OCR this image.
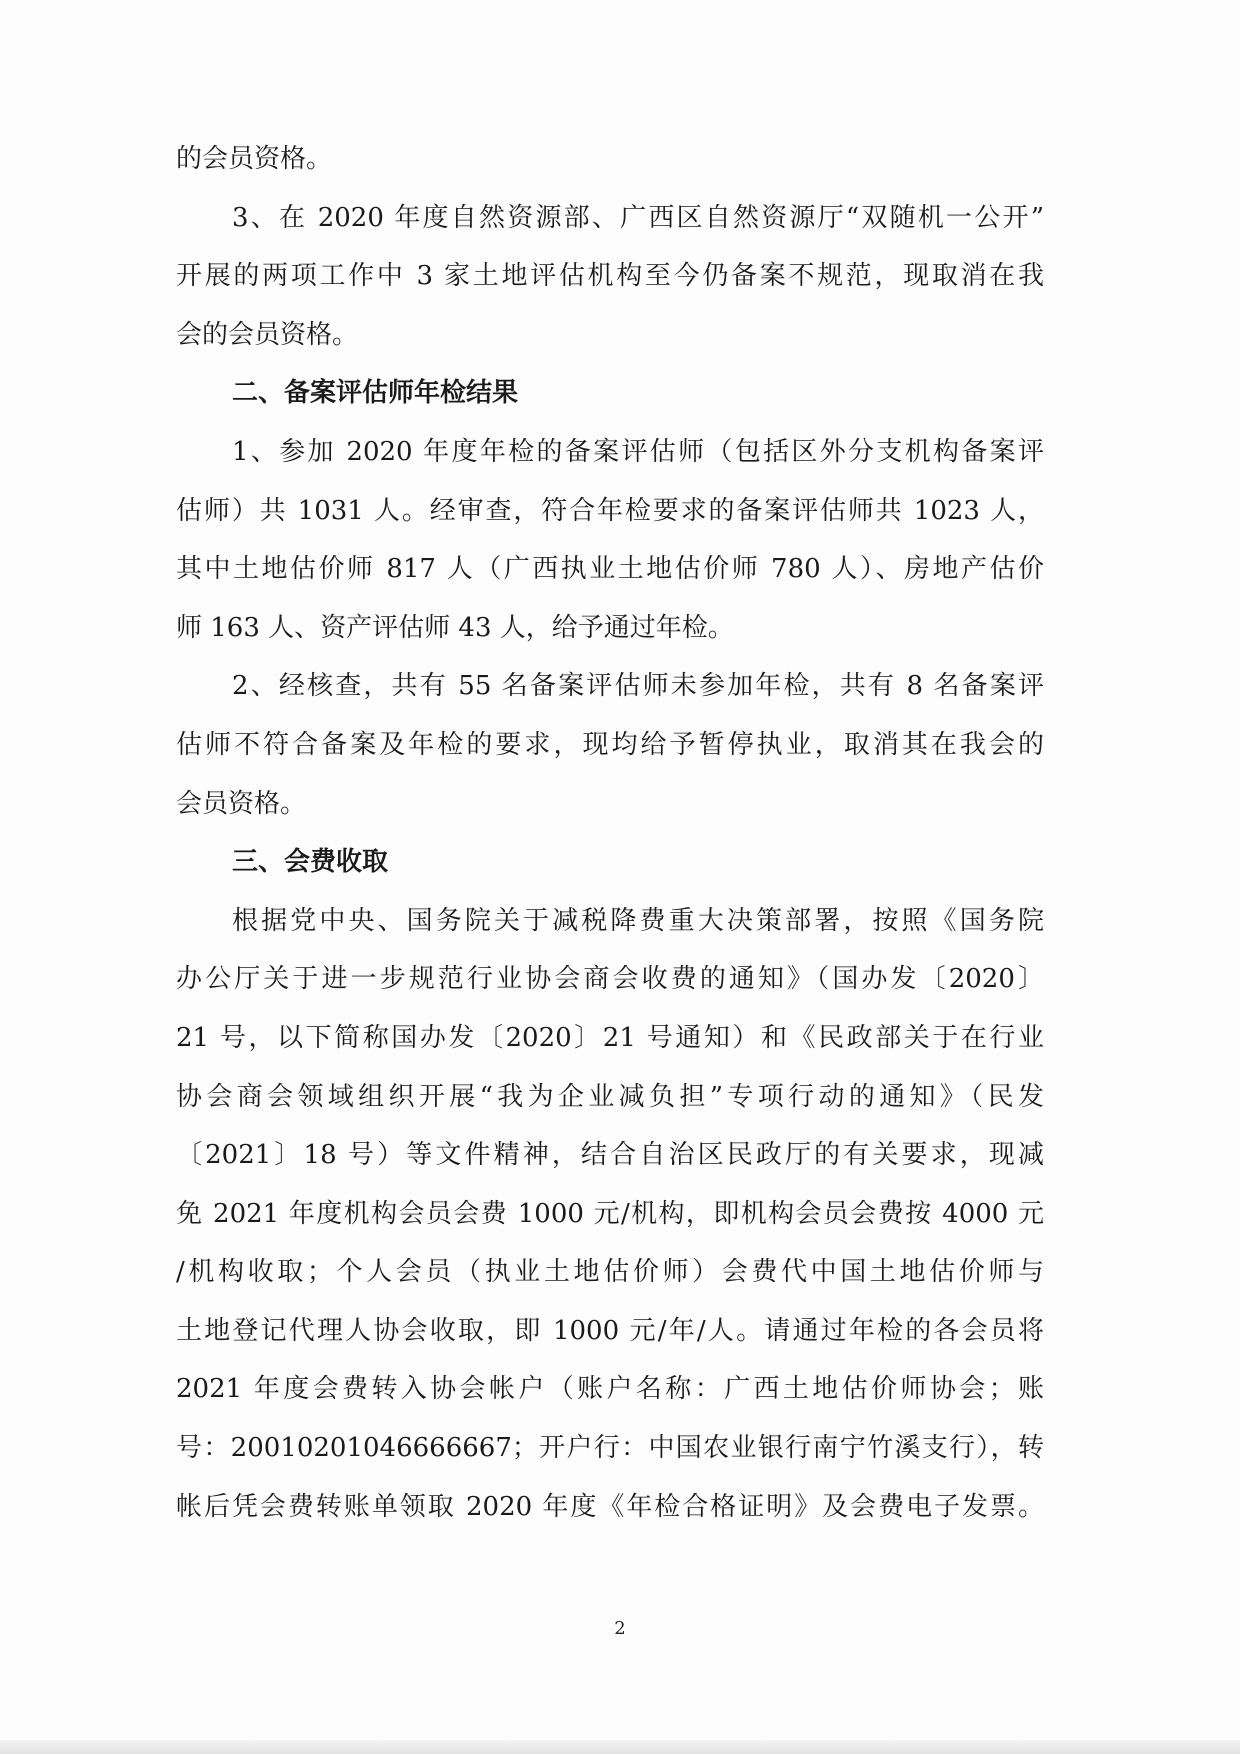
的会员资格。
3、在 2020 年度自然资源部、广西区自然资源厅“双随机一公开”
开展的两项工作中 3 家土地评估机构至今仍备案不规范，现取消在我
会的会员资格。
二、备案评估师年检结果
1、参加 2020 年度年检的备案评估师（包括区外分支机构备案评
估师）共 1031 人。经审查，符合年检要求的备案评估师共 1023 人，
其中土地估价师 817 人（广西执业土地估价师 780 人）、房地产估价
师 163 人、资产评估师 43 人，给予通过年检。
2、经核查，共有 55 名备案评估师未参加年检，共有 8 名备案评
估师不符合备案及年检的要求，现均给予暂停执业，取消其在我会的
会员资格。
三、会费收取
根据党中央、国务院关于减税降费重大决策部署，按照《国务院
办公厅关于进一步规范行业协会商会收费的通知》（国办发〔2020〕
21 号，以下简称国办发〔2020〕21 号通知）和《民政部关于在行业
协会商会领域组织开展“我为企业减负担”专项行动的通知》（民发
〔2021〕18 号）等文件精神，结合自治区民政厅的有关要求，现减
免 2021 年度机构会员会费 1000 元/机构，即机构会员会费按 4000 元
/机构收取；个人会员（执业土地估价师）会费代中国土地估价师与
土地登记代理人协会收取，即 1000 元/年/人。请通过年检的各会员将
2021 年度会费转入协会帐户（账户名称：广西土地估价师协会；账
号：20010201046666667；开户行：中国农业银行南宁竹溪支行），转
帐后凭会费转账单领取 2020 年度《年检合格证明》及会费电子发票。
2
